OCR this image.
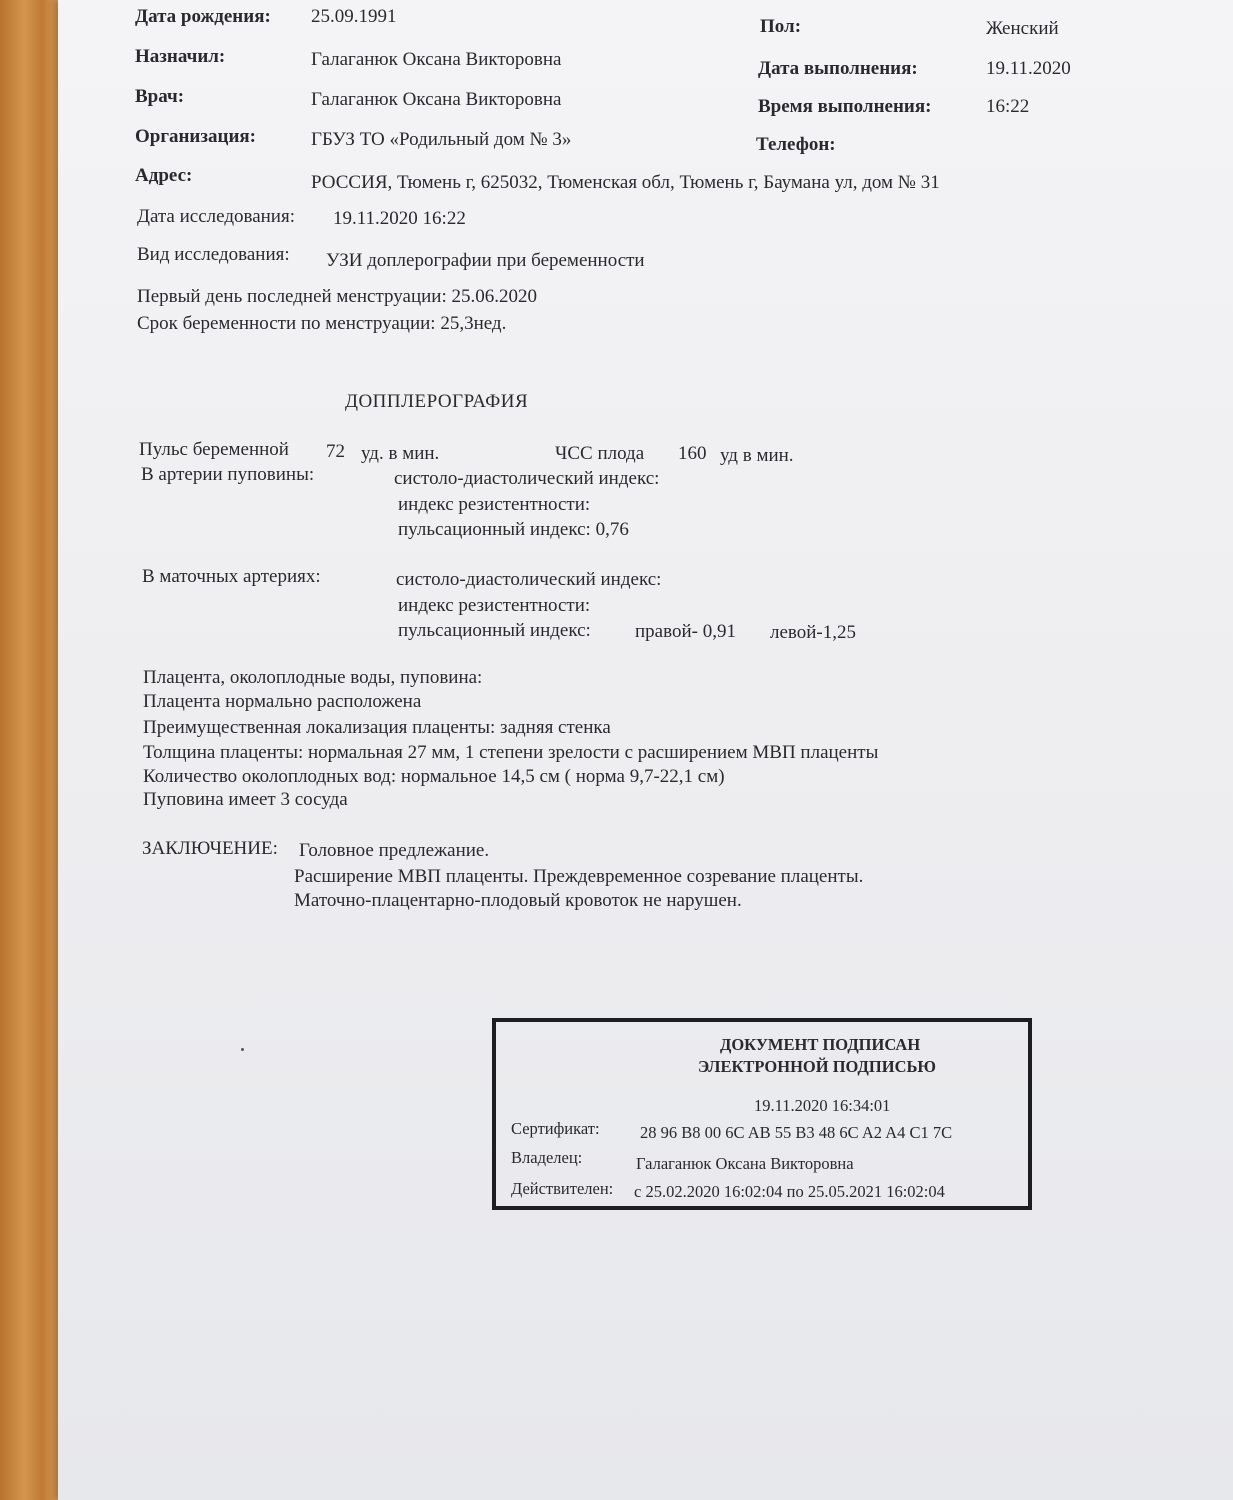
Дата рождения: 25.09.1991	Пол:	Женский
Назначил:	Галаганюк Оксана Викторовна	Дата выполнения:	19.11.2020
Врач:	Галаганюк Оксана Викторовна	Время выполнения:	16:22
Организация:	ГБУЗ ТО «Родильный дом № 3»	Телефон:
Адрес:	РОССИЯ, Тюмень г, 625032, Тюменская обл, Тюмень г, Баумана ул, дом № 31
Дата исследования: 19.11.2020 16:22
Вид исследования: УЗИ доплерографии при беременности
Первый день последней менструации: 25.06.2020
Срок беременности по менструации: 25,3нед.
ДОППЛЕРОГРАФИЯ
Пульс беременной 72 уд. в мин.	ЧСС плода 160 уд в мин.
В артерии пуповины:	систоло-диастолический индекс:
индекс резистентности:
пульсационный индекс: 0,76
В маточных артериях:	систоло-диастолический индекс:
индекс резистентности:
пульсационный индекс: правой- 0,91 левой-1,25
Плацента, околоплодные воды, пуповина:
Плацента нормально расположена
Преимущественная локализация плаценты: задняя стенка
Толщина плаценты: нормальная 27 мм, 1 степени зрелости с расширением МВП плаценты
Количество околоплодных вод: нормальное 14,5 см ( норма 9,7-22,1 см)
Пуповина имеет 3 сосуда
ЗАКЛЮЧЕНИЕ: Головное предлежание.
Расширение МВП плаценты. Преждевременное созревание плаценты.
Маточно-плацентарно-плодовый кровоток не нарушен.
ДОКУМЕНТ ПОДПИСАН
ЭЛЕКТРОННОЙ ПОДПИСЬЮ
19.11.2020 16:34:01
Сертификат: 28 96 B8 00 6C AB 55 B3 48 6C A2 A4 C1 7C
Владелец:	Галаганюк Оксана Викторовна
Действителен: с 25.02.2020 16:02:04 по 25.05.2021 16:02:04
